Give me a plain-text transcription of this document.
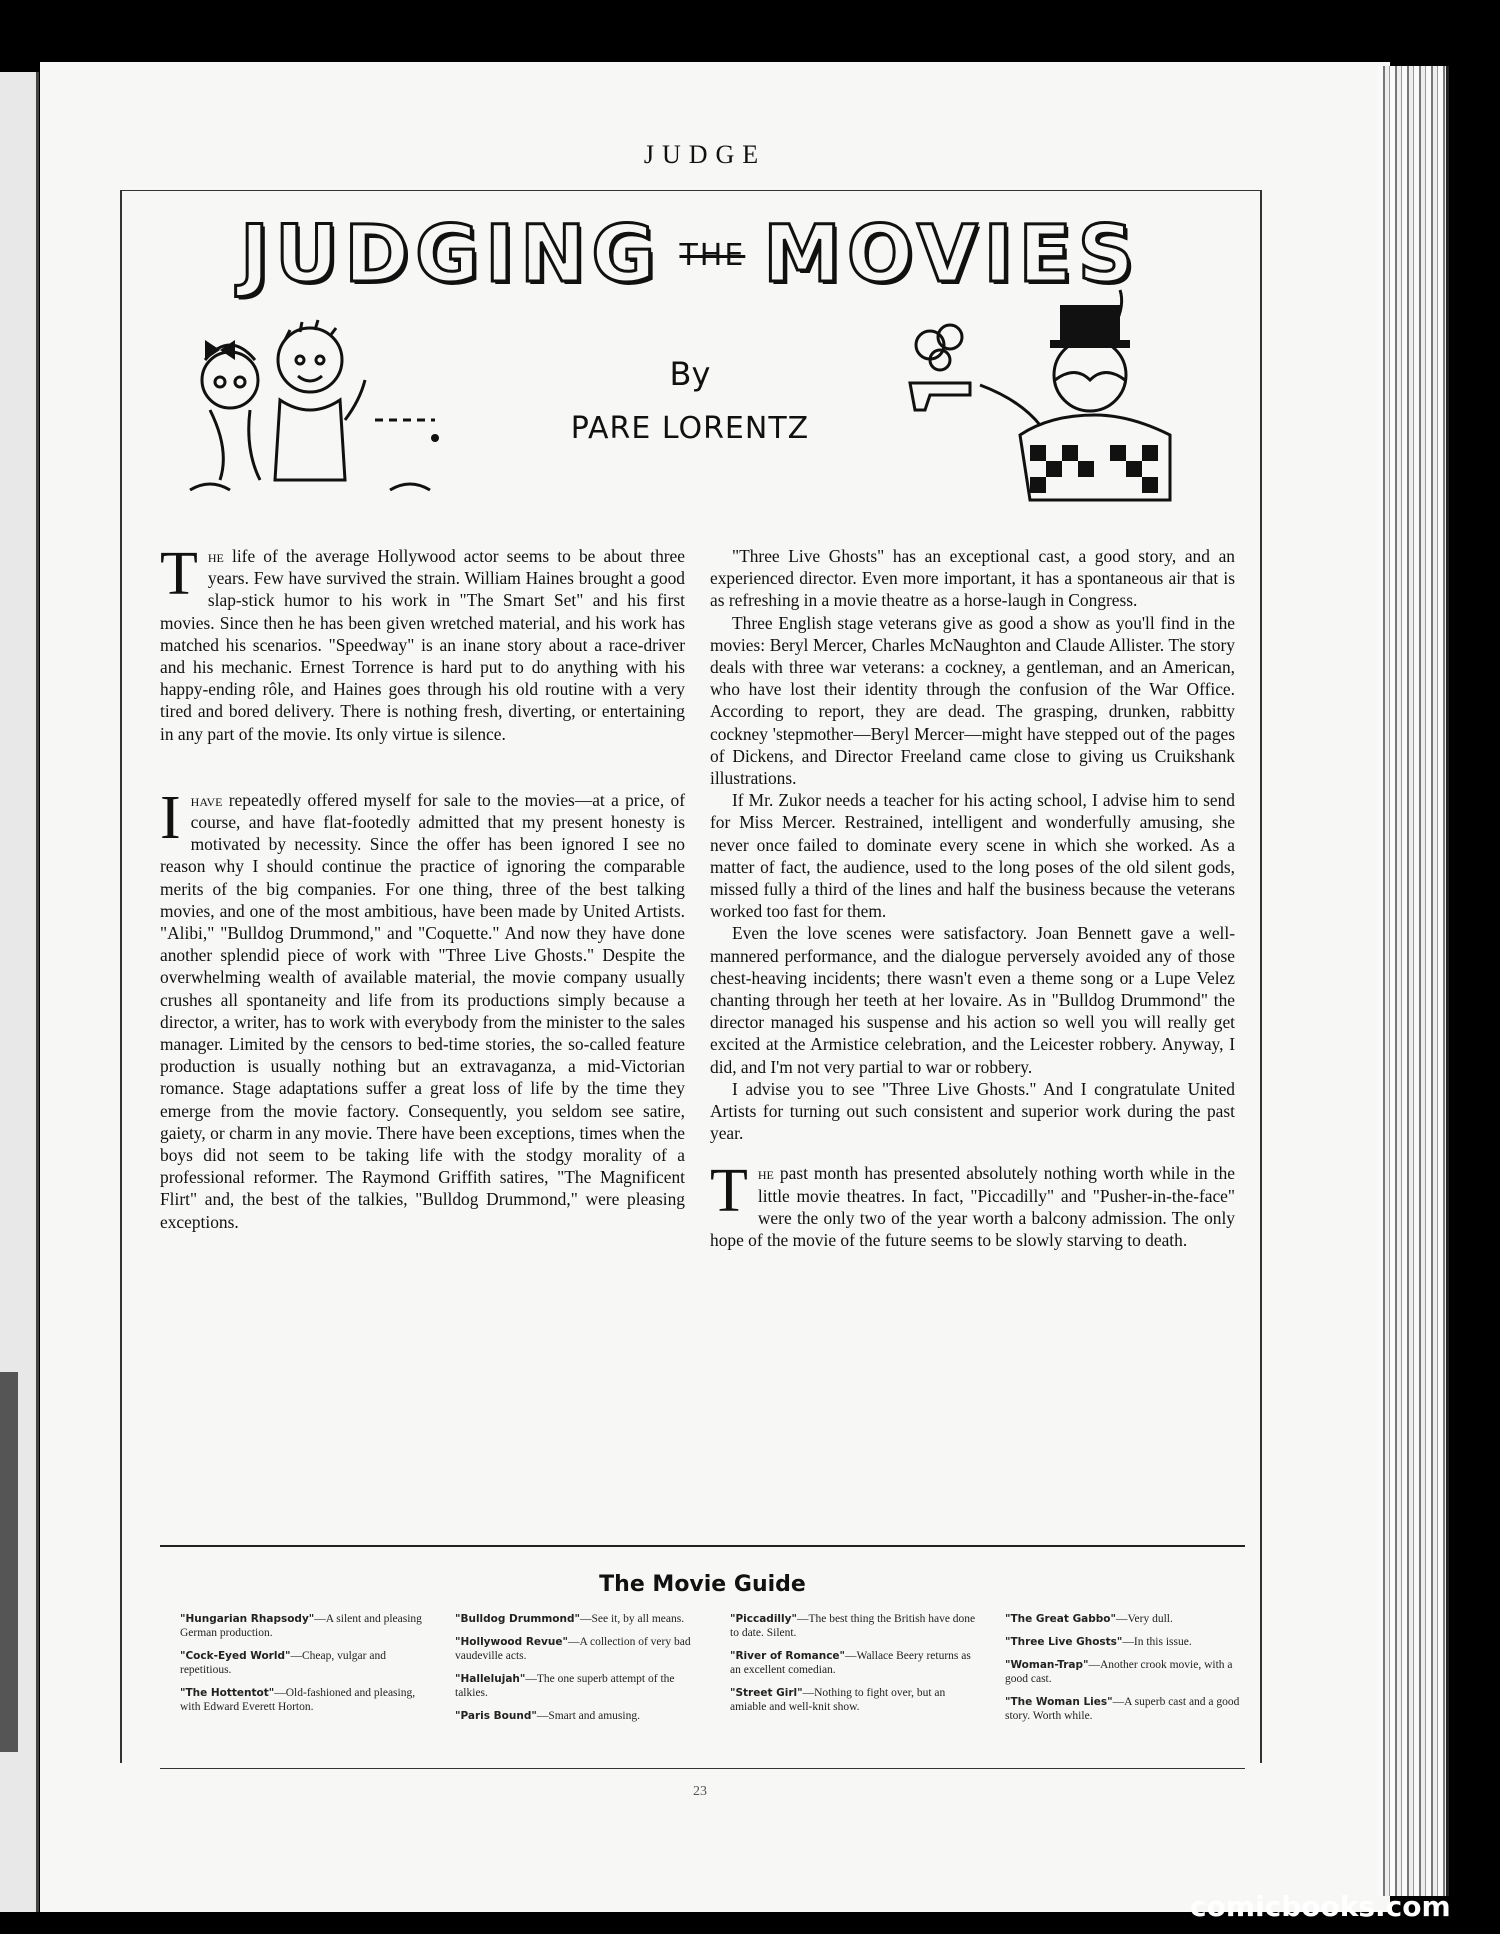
JUDGE
JUDGING THE MOVIES
By
PARE LORENTZ

The life of the average Hollywood actor seems to be about three years. Few have survived the strain. William Haines brought a good slap-stick humor to his work in "The Smart Set" and his first movies. Since then he has been given wretched material, and his work has matched his scenarios. "Speedway" is an inane story about a race-driver and his mechanic. Ernest Torrence is hard put to do anything with his happy-ending rôle, and Haines goes through his old routine with a very tired and bored delivery. There is nothing fresh, diverting, or entertaining in any part of the movie. Its only virtue is silence.

Ihave repeatedly offered myself for sale to the movies—at a price, of course, and have flat-footedly admitted that my present honesty is motivated by necessity. Since the offer has been ignored I see no reason why I should continue the practice of ignoring the comparable merits of the big companies. For one thing, three of the best talking movies, and one of the most ambitious, have been made by United Artists. "Alibi," "Bulldog Drummond," and "Coquette." And now they have done another splendid piece of work with "Three Live Ghosts." Despite the overwhelming wealth of available material, the movie company usually crushes all spontaneity and life from its productions simply because a director, a writer, has to work with everybody from the minister to the sales manager. Limited by the censors to bed-time stories, the so-called feature production is usually nothing but an extravaganza, a mid-Victorian romance. Stage adaptations suffer a great loss of life by the time they emerge from the movie factory. Consequently, you seldom see satire, gaiety, or charm in any movie. There have been exceptions, times when the boys did not seem to be taking life with the stodgy morality of a professional reformer. The Raymond Griffith satires, "The Magnificent Flirt" and, the best of the talkies, "Bulldog Drummond," were pleasing exceptions.

"Three Live Ghosts" has an exceptional cast, a good story, and an experienced director. Even more important, it has a spontaneous air that is as refreshing in a movie theatre as a horse-laugh in Congress.

Three English stage veterans give as good a show as you'll find in the movies: Beryl Mercer, Charles McNaughton and Claude Allister. The story deals with three war veterans: a cockney, a gentleman, and an American, who have lost their identity through the confusion of the War Office. According to report, they are dead. The grasping, drunken, rabbitty cockney 'stepmother—Beryl Mercer—might have stepped out of the pages of Dickens, and Director Freeland came close to giving us Cruikshank illustrations.

If Mr. Zukor needs a teacher for his acting school, I advise him to send for Miss Mercer. Restrained, intelligent and wonderfully amusing, she never once failed to dominate every scene in which she worked. As a matter of fact, the audience, used to the long poses of the old silent gods, missed fully a third of the lines and half the business because the veterans worked too fast for them.

Even the love scenes were satisfactory. Joan Bennett gave a well-mannered performance, and the dialogue perversely avoided any of those chest-heaving incidents; there wasn't even a theme song or a Lupe Velez chanting through her teeth at her lovaire. As in "Bulldog Drummond" the director managed his suspense and his action so well you will really get excited at the Armistice celebration, and the Leicester robbery. Anyway, I did, and I'm not very partial to war or robbery.

I advise you to see "Three Live Ghosts." And I congratulate United Artists for turning out such consistent and superior work during the past year.

The past month has presented absolutely nothing worth while in the little movie theatres. In fact, "Piccadilly" and "Pusher-in-the-face" were the only two of the year worth a balcony admission. The only hope of the movie of the future seems to be slowly starving to death.

The Movie Guide
"Hungarian Rhapsody"—A silent and pleasing German production.
"Cock-Eyed World"—Cheap, vulgar and repetitious.
"The Hottentot"—Old-fashioned and pleasing, with Edward Everett Horton.
"Bulldog Drummond"—See it, by all means.
"Hollywood Revue"—A collection of very bad vaudeville acts.
"Hallelujah"—The one superb attempt of the talkies.
"Paris Bound"—Smart and amusing.
"Piccadilly"—The best thing the British have done to date. Silent.
"River of Romance"—Wallace Beery returns as an excellent comedian.
"Street Girl"—Nothing to fight over, but an amiable and well-knit show.
"The Great Gabbo"—Very dull.
"Three Live Ghosts"—In this issue.
"Woman-Trap"—Another crook movie, with a good cast.
"The Woman Lies"—A superb cast and a good story. Worth while.
23
comicbooks.com
